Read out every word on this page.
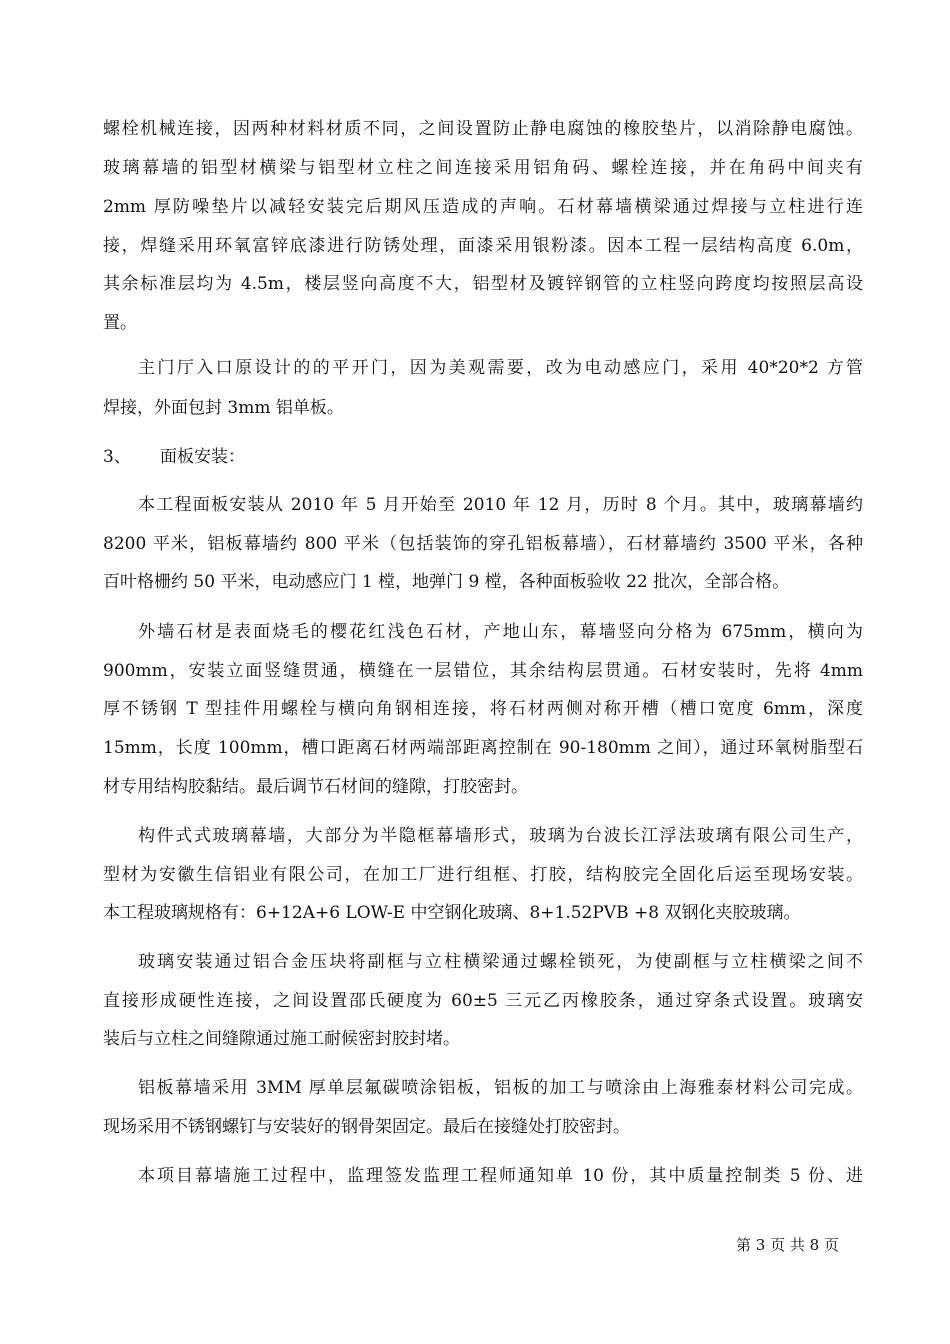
螺栓机械连接，因两种材料材质不同，之间设置防止静电腐蚀的橡胶垫片，以消除静电腐蚀。
玻璃幕墙的铝型材横梁与铝型材立柱之间连接采用铝角码、螺栓连接，并在角码中间夹有
2mm 厚防噪垫片以减轻安装完后期风压造成的声响。石材幕墙横梁通过焊接与立柱进行连
接，焊缝采用环氧富锌底漆进行防锈处理，面漆采用银粉漆。因本工程一层结构高度 6.0m，
其余标准层均为 4.5m，楼层竖向高度不大，铝型材及镀锌钢管的立柱竖向跨度均按照层高设
置。
主门厅入口原设计的的平开门，因为美观需要，改为电动感应门，采用 40*20*2 方管
焊接，外面包封 3mm 铝单板。
3、 面板安装：
本工程面板安装从 2010 年 5 月开始至 2010 年 12 月，历时 8 个月。其中，玻璃幕墙约
8200 平米，铝板幕墙约 800 平米（包括装饰的穿孔铝板幕墙），石材幕墙约 3500 平米，各种
百叶格栅约 50 平米，电动感应门 1 樘，地弹门 9 樘，各种面板验收 22 批次，全部合格。
外墙石材是表面烧毛的樱花红浅色石材，产地山东，幕墙竖向分格为 675mm，横向为
900mm，安装立面竖缝贯通，横缝在一层错位，其余结构层贯通。石材安装时，先将 4mm
厚不锈钢 T 型挂件用螺栓与横向角钢相连接，将石材两侧对称开槽（槽口宽度 6mm，深度
15mm，长度 100mm，槽口距离石材两端部距离控制在 90-180mm 之间），通过环氧树脂型石
材专用结构胶黏结。最后调节石材间的缝隙，打胶密封。
构件式式玻璃幕墙，大部分为半隐框幕墙形式，玻璃为台波长江浮法玻璃有限公司生产，
型材为安徽生信铝业有限公司，在加工厂进行组框、打胶，结构胶完全固化后运至现场安装。
本工程玻璃规格有：6+12A+6 LOW-E 中空钢化玻璃、8+1.52PVB +8 双钢化夹胶玻璃。
玻璃安装通过铝合金压块将副框与立柱横梁通过螺栓锁死，为使副框与立柱横梁之间不
直接形成硬性连接，之间设置邵氏硬度为 60±5 三元乙丙橡胶条，通过穿条式设置。玻璃安
装后与立柱之间缝隙通过施工耐候密封胶封堵。
铝板幕墙采用 3MM 厚单层氟碳喷涂铝板，铝板的加工与喷涂由上海雅泰材料公司完成。
现场采用不锈钢螺钉与安装好的钢骨架固定。最后在接缝处打胶密封。
本项目幕墙施工过程中，监理签发监理工程师通知单 10 份，其中质量控制类 5 份、进
第 3 页 共 8 页
